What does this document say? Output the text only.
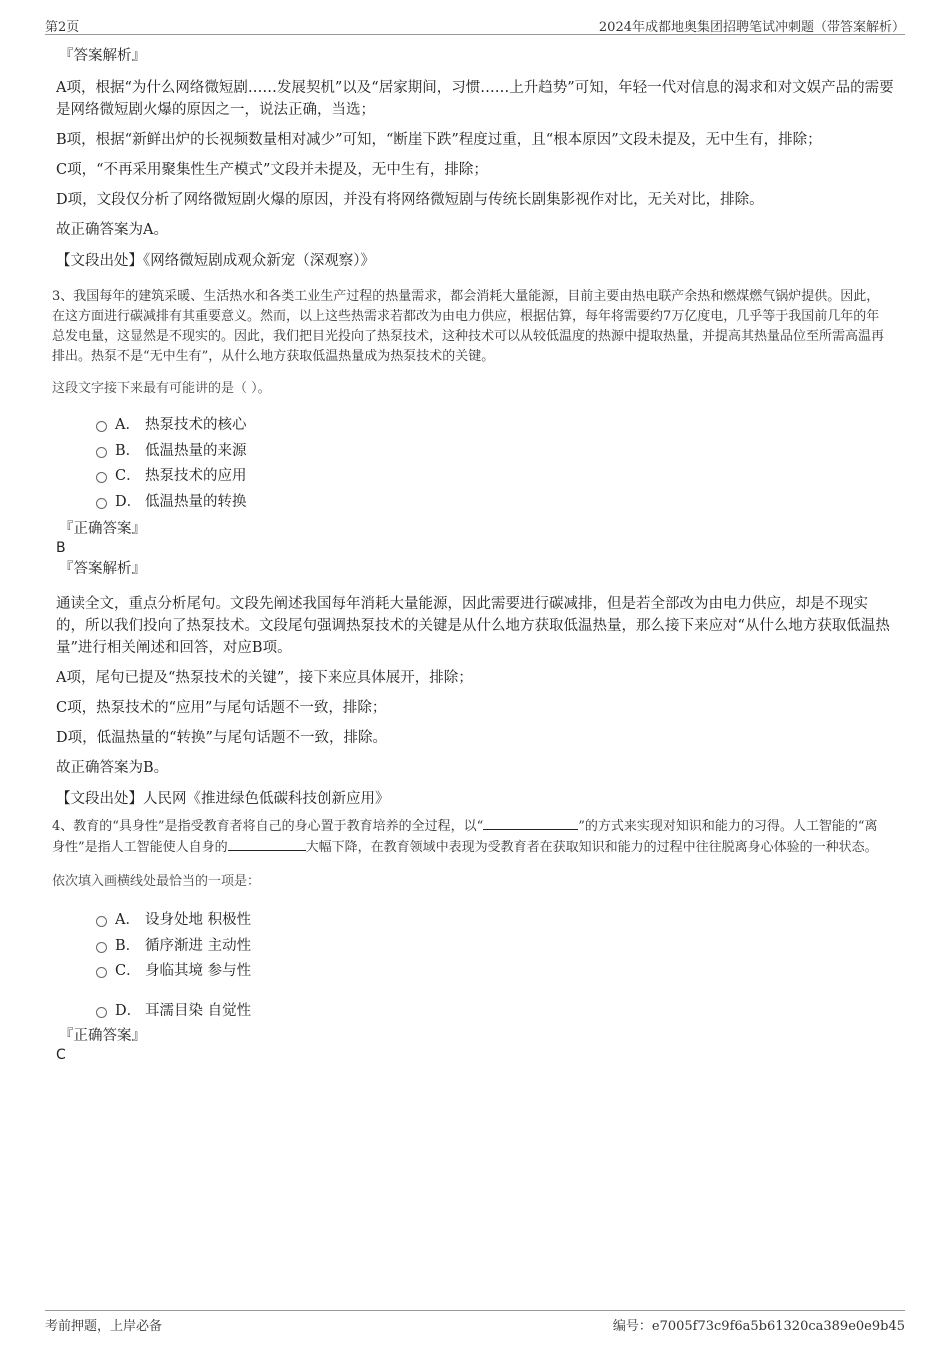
第2页	2024年成都地奥集团招聘笔试冲刺题（带答案解析）
『答案解析』

A项，根据“为什么网络微短剧……发展契机”以及“居家期间，习惯……上升趋势”可知，年轻一代对信息的渴求和对文娱产品的需要是网络微短剧火爆的原因之一，说法正确，当选；

B项，根据“新鲜出炉的长视频数量相对减少”可知，“断崖下跌”程度过重，且“根本原因”文段未提及，无中生有，排除；

C项，“不再采用聚集性生产模式”文段并未提及，无中生有，排除；

D项，文段仅分析了网络微短剧火爆的原因，并没有将网络微短剧与传统长剧集影视作对比，无关对比，排除。

故正确答案为A。

【文段出处】《网络微短剧成观众新宠（深观察）》

3、我国每年的建筑采暖、生活热水和各类工业生产过程的热量需求，都会消耗大量能源，目前主要由热电联产余热和燃煤燃气锅炉提供。因此，在这方面进行碳减排有其重要意义。然而，以上这些热需求若都改为由电力供应，根据估算，每年将需要约7万亿度电，几乎等于我国前几年的年总发电量，这显然是不现实的。因此，我们把目光投向了热泵技术，这种技术可以从较低温度的热源中提取热量，并提高其热量品位至所需高温再排出。热泵不是“无中生有”，从什么地方获取低温热量成为热泵技术的关键。

这段文字接下来最有可能讲的是（ ）。

A． 热泵技术的核心
B． 低温热量的来源
C． 热泵技术的应用
D． 低温热量的转换
『正确答案』
B
『答案解析』

通读全文，重点分析尾句。文段先阐述我国每年消耗大量能源，因此需要进行碳减排，但是若全部改为由电力供应，却是不现实的，所以我们投向了热泵技术。文段尾句强调热泵技术的关键是从什么地方获取低温热量，那么接下来应对“从什么地方获取低温热量”进行相关阐述和回答，对应B项。

A项，尾句已提及“热泵技术的关键”，接下来应具体展开，排除；

C项，热泵技术的“应用”与尾句话题不一致，排除；

D项，低温热量的“转换”与尾句话题不一致，排除。

故正确答案为B。

【文段出处】人民网《推进绿色低碳科技创新应用》

4、教育的“具身性”是指受教育者将自己的身心置于教育培养的全过程，以“	”的方式来实现对知识和能力的习得。人工智能的“离身性”是指人工智能使人自身的	大幅下降，在教育领域中表现为受教育者在获取知识和能力的过程中往往脱离身心体验的一种状态。

依次填入画横线处最恰当的一项是：

A． 设身处地 积极性
B． 循序渐进 主动性
C． 身临其境 参与性
D． 耳濡目染 自觉性
『正确答案』
C
考前押题，上岸必备	编号：e7005f73c9f6a5b61320ca389e0e9b45
